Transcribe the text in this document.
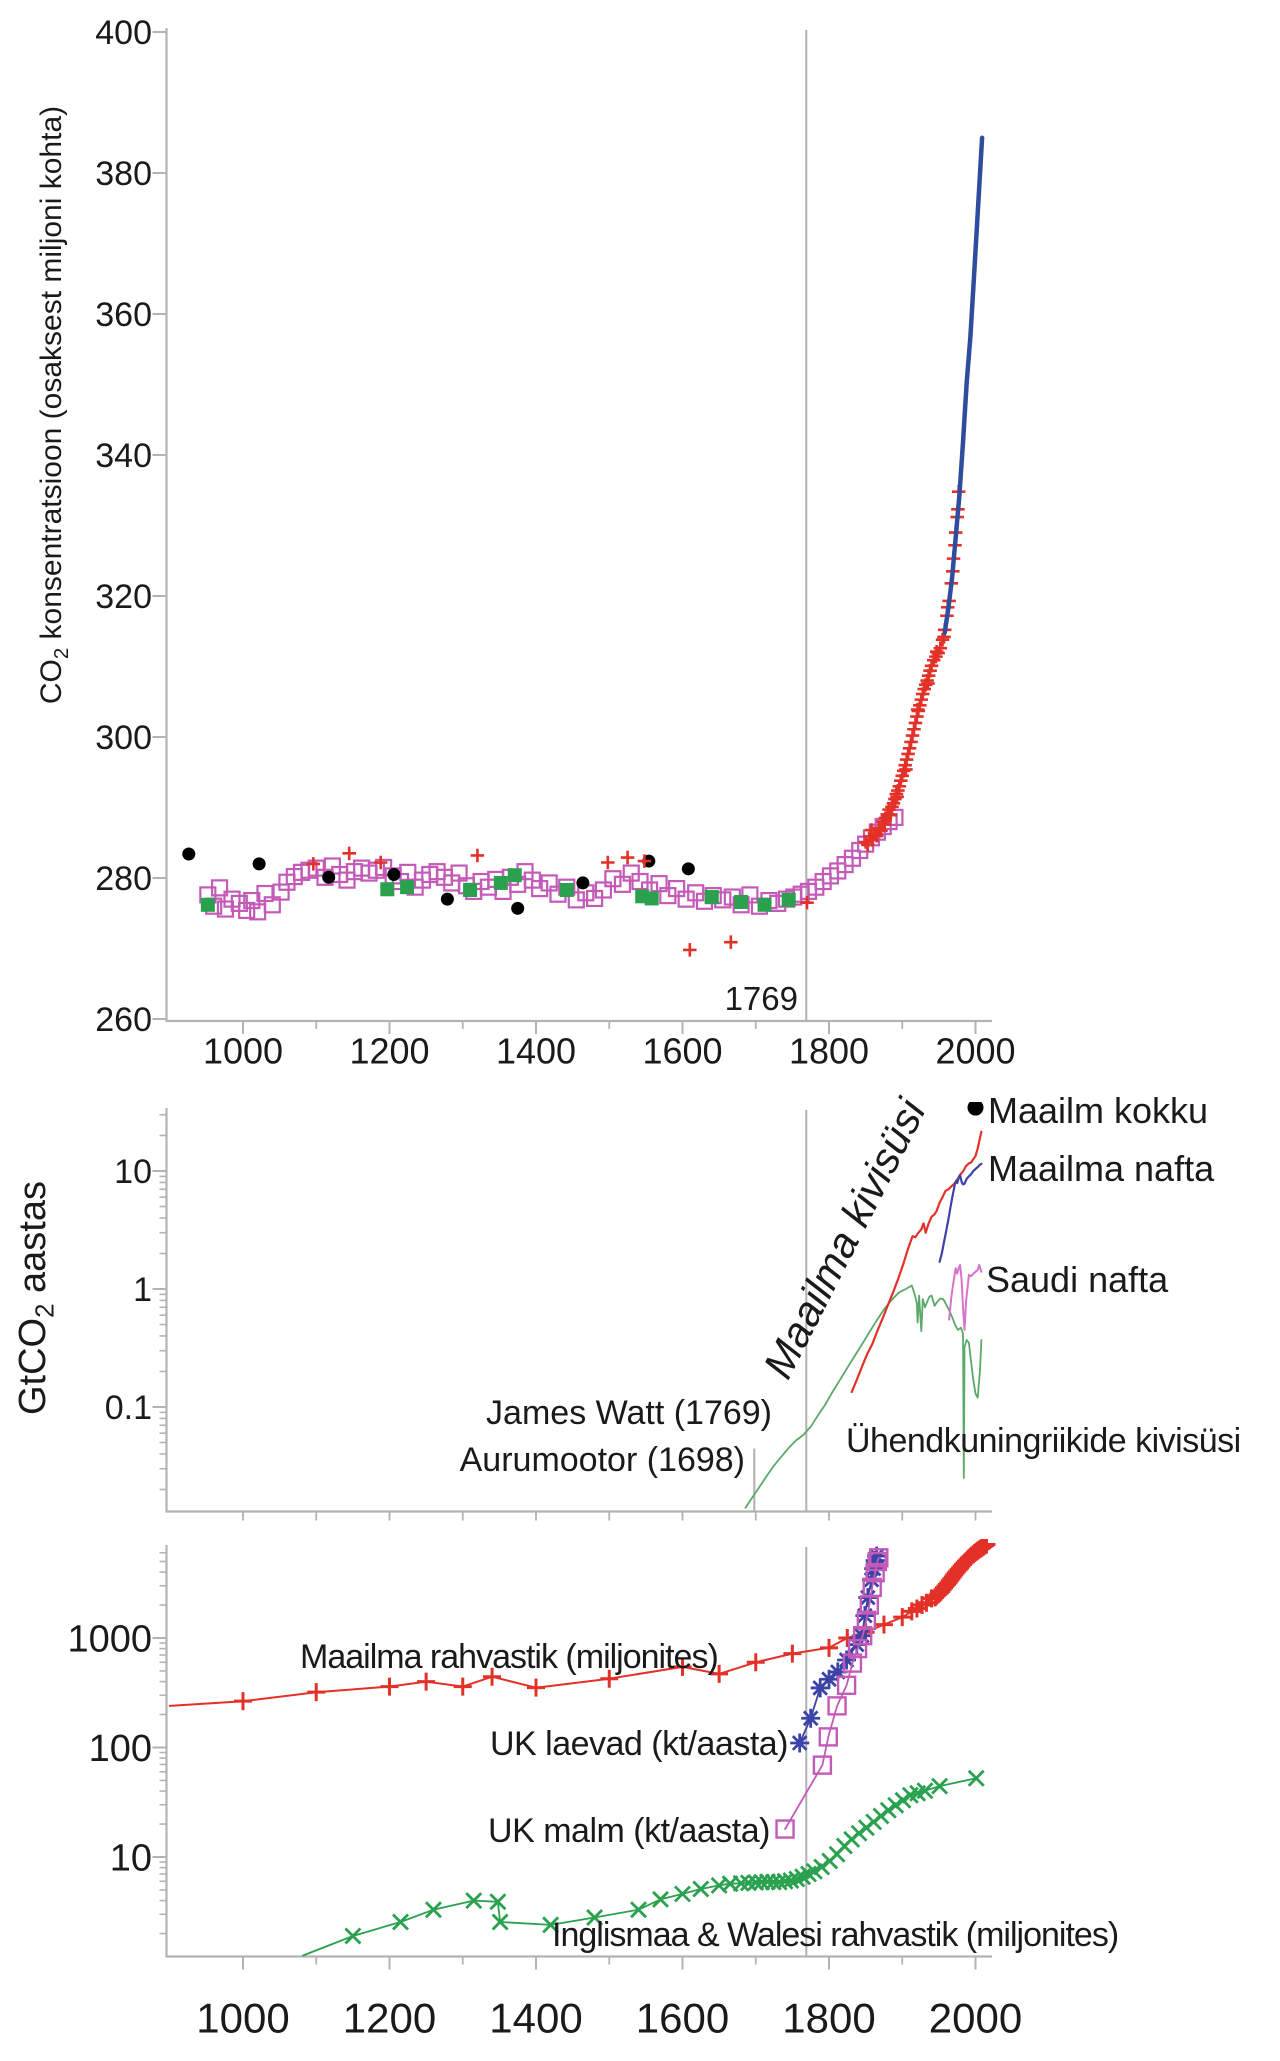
260
280
300
320
340
360
380
400
1000 1200 1400 1600 1800 2000
10
1
0.1
1000
100
10
1000 1200 1400 1600 1800 2000
$CO_2$ konsentratsioon (osaksest miljoni kohta)
1769
GtCO$_2$ aastas	Maailma kivisüsi Maailm kokku
Maailma nafta
Saudi nafta
Ühendkuningriikide kivisüsi
James Watt (1769)
Aurumootor (1698)
Maailma rahvastik (miljonites)
UK laevad (kt/aasta)
UK malm (kt/aasta)
Inglismaa & Walesi rahvastik (miljonites)
